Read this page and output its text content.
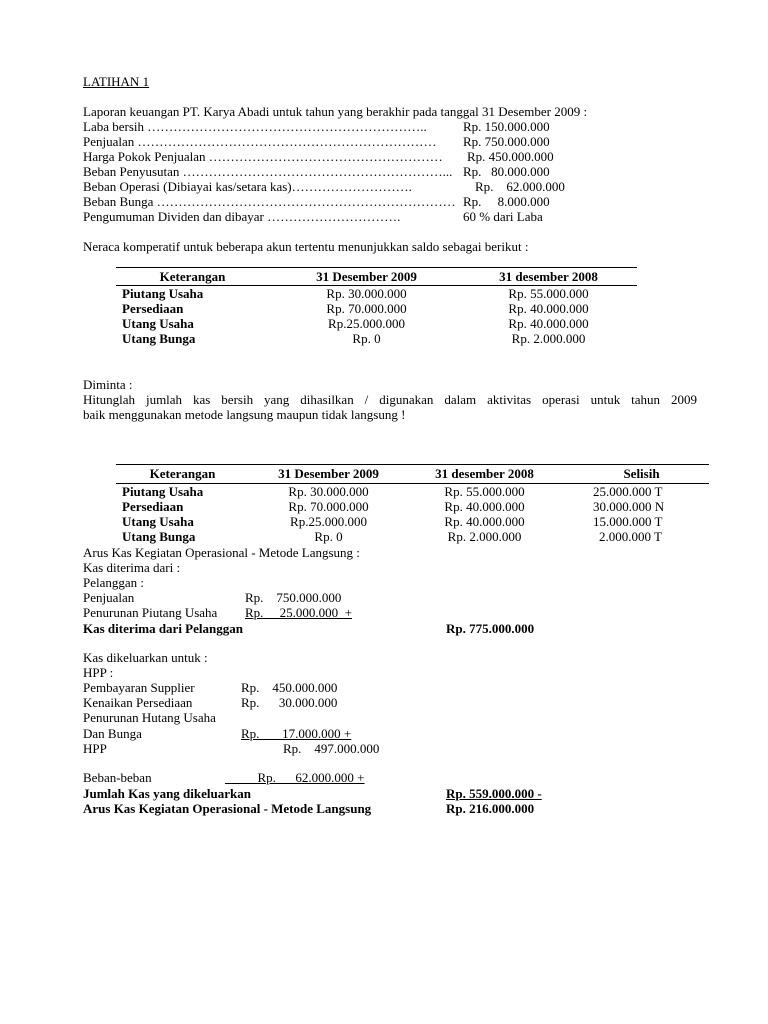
LATIHAN 1
Laporan keuangan PT. Karya Abadi untuk tahun yang berakhir pada tanggal 31 Desember 2009 :
Laba bersih ………………………………………………………..	Rp. 150.000.000
Penjualan …………………………………………………………… Rp. 750.000.000
Harga Pokok Penjualan ……………………………………………… Rp. 450.000.000
Beban Penyusutan ……………………………………………………... Rp.   80.000.000
Beban Operasi (Dibiayai kas/setara kas)……………………….	Rp.    62.000.000
Beban Bunga …………………………………………………………… Rp.     8.000.000
Pengumuman Dividen dan dibayar ………………………….	60 % dari Laba
Neraca komperatif untuk beberapa akun tertentu menunjukkan saldo sebagai berikut :
Keterangan	31 Desember 2009	31 desember 2008
Piutang Usaha	Rp. 30.000.000	Rp. 55.000.000
Persediaan	Rp. 70.000.000	Rp. 40.000.000
Utang Usaha	Rp.25.000.000	Rp. 40.000.000
Utang Bunga	Rp. 0	Rp. 2.000.000
Diminta :
Hitunglah jumlah kas bersih yang dihasilkan / digunakan dalam aktivitas operasi untuk tahun 2009
baik menggunakan metode langsung maupun tidak langsung !
Keterangan	31 Desember 2009	31 desember 2008	Selisih
Piutang Usaha	Rp. 30.000.000	Rp. 55.000.000	25.000.000 T
Persediaan	Rp. 70.000.000	Rp. 40.000.000	30.000.000 N
Utang Usaha	Rp.25.000.000	Rp. 40.000.000	15.000.000 T
Utang Bunga	Rp. 0	Rp. 2.000.000	2.000.000 T
Arus Kas Kegiatan Operasional - Metode Langsung :
Kas diterima dari :
Pelanggan :
Penjualan	Rp.    750.000.000
Penurunan Piutang Usaha Rp.     25.000.000  +
Kas diterima dari Pelanggan	Rp. 775.000.000
Kas dikeluarkan untuk :
HPP :
Pembayaran Supplier	Rp.    450.000.000
Kenaikan Persediaan	Rp.      30.000.000
Penurunan Hutang Usaha
Dan Bunga	Rp.       17.000.000 +
HPP	Rp.    497.000.000
Beban-beban	Rp.      62.000.000 +
Jumlah Kas yang dikeluarkan	Rp. 559.000.000 -
Arus Kas Kegiatan Operasional - Metode Langsung	Rp. 216.000.000
